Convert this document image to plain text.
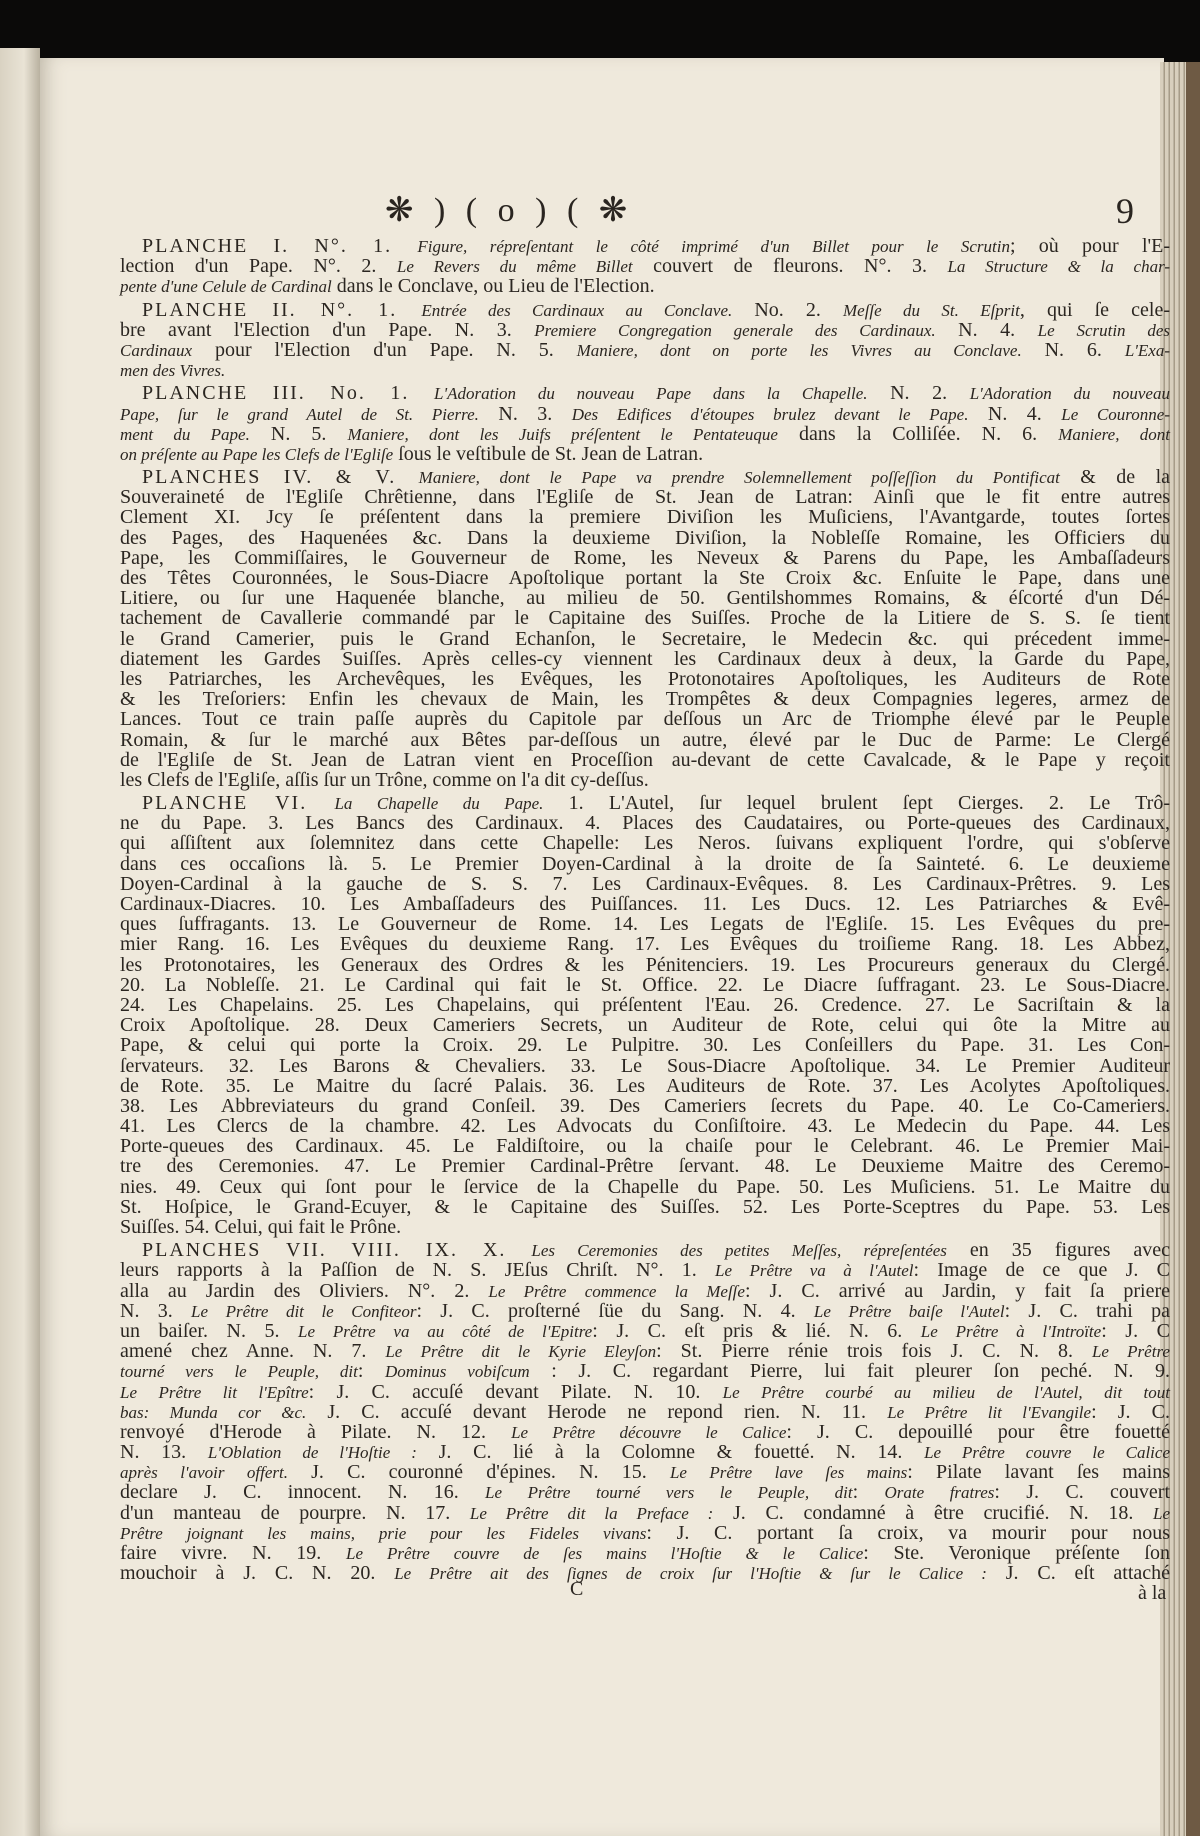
❋ ) ( o ) ( ❋	9
PLANCHE I. N°. 1. Figure, répreſentant le côté imprimé d'un Billet pour le Scrutin; où pour l'E-
lection d'un Pape. N°. 2. Le Revers du même Billet couvert de fleurons. N°. 3. La Structure & la char-
pente d'une Celule de Cardinal dans le Conclave, ou Lieu de l'Election.
PLANCHE II. N°. 1. Entrée des Cardinaux au Conclave. No. 2. Meſſe du St. Eſprit, qui ſe cele-
bre avant l'Election d'un Pape. N. 3. Premiere Congregation generale des Cardinaux. N. 4. Le Scrutin des
Cardinaux pour l'Election d'un Pape. N. 5. Maniere, dont on porte les Vivres au Conclave. N. 6. L'Exa-
men des Vivres.
PLANCHE III. No. 1. L'Adoration du nouveau Pape dans la Chapelle. N. 2. L'Adoration du nouveau
Pape, ſur le grand Autel de St. Pierre. N. 3. Des Edifices d'étoupes brulez devant le Pape. N. 4. Le Couronne-
ment du Pape. N. 5. Maniere, dont les Juifs préſentent le Pentateuque dans la Colliſée. N. 6. Maniere, dont
on préſente au Pape les Clefs de l'Egliſe ſous le veſtibule de St. Jean de Latran.
PLANCHES IV. & V. Maniere, dont le Pape va prendre Solemnellement poſſeſſion du Pontificat & de la
Souveraineté de l'Egliſe Chrêtienne, dans l'Egliſe de St. Jean de Latran: Ainſi que le fit entre autres
Clement XI. Jcy ſe préſentent dans la premiere Diviſion les Muſiciens, l'Avantgarde, toutes ſortes
des Pages, des Haquenées &c. Dans la deuxieme Diviſion, la Nobleſſe Romaine, les Officiers du
Pape, les Commiſſaires, le Gouverneur de Rome, les Neveux & Parens du Pape, les Ambaſſadeurs
des Têtes Couronnées, le Sous-Diacre Apoſtolique portant la Ste Croix &c. Enſuite le Pape, dans une
Litiere, ou ſur une Haquenée blanche, au milieu de 50. Gentilshommes Romains, & éſcorté d'un Dé-
tachement de Cavallerie commandé par le Capitaine des Suiſſes. Proche de la Litiere de S. S. ſe tient
le Grand Camerier, puis le Grand Echanſon, le Secretaire, le Medecin &c. qui précedent imme-
diatement les Gardes Suiſſes. Après celles-cy viennent les Cardinaux deux à deux, la Garde du Pape,
les Patriarches, les Archevêques, les Evêques, les Protonotaires Apoſtoliques, les Auditeurs de Rote
& les Treſoriers: Enfin les chevaux de Main, les Trompêtes & deux Compagnies legeres, armez de
Lances. Tout ce train paſſe auprès du Capitole par deſſous un Arc de Triomphe élevé par le Peuple
Romain, & ſur le marché aux Bêtes par-deſſous un autre, élevé par le Duc de Parme: Le Clergé
de l'Egliſe de St. Jean de Latran vient en Proceſſion au-devant de cette Cavalcade, & le Pape y reçoit
les Clefs de l'Egliſe, aſſis ſur un Trône, comme on l'a dit cy-deſſus.
PLANCHE VI. La Chapelle du Pape. 1. L'Autel, ſur lequel brulent ſept Cierges. 2. Le Trô-
ne du Pape. 3. Les Bancs des Cardinaux. 4. Places des Caudataires, ou Porte-queues des Cardinaux,
qui aſſiſtent aux ſolemnitez dans cette Chapelle: Les Neros. ſuivans expliquent l'ordre, qui s'obſerve
dans ces occaſions là. 5. Le Premier Doyen-Cardinal à la droite de ſa Sainteté. 6. Le deuxieme
Doyen-Cardinal à la gauche de S. S. 7. Les Cardinaux-Evêques. 8. Les Cardinaux-Prêtres. 9. Les
Cardinaux-Diacres. 10. Les Ambaſſadeurs des Puiſſances. 11. Les Ducs. 12. Les Patriarches & Evê-
ques ſuffragants. 13. Le Gouverneur de Rome. 14. Les Legats de l'Egliſe. 15. Les Evêques du pre-
mier Rang. 16. Les Evêques du deuxieme Rang. 17. Les Evêques du troiſieme Rang. 18. Les Abbez,
les Protonotaires, les Generaux des Ordres & les Pénitenciers. 19. Les Procureurs generaux du Clergé.
20. La Nobleſſe. 21. Le Cardinal qui fait le St. Office. 22. Le Diacre ſuffragant. 23. Le Sous-Diacre.
24. Les Chapelains. 25. Les Chapelains, qui préſentent l'Eau. 26. Credence. 27. Le Sacriſtain & la
Croix Apoſtolique. 28. Deux Cameriers Secrets, un Auditeur de Rote, celui qui ôte la Mitre au
Pape, & celui qui porte la Croix. 29. Le Pulpitre. 30. Les Conſeillers du Pape. 31. Les Con-
ſervateurs. 32. Les Barons & Chevaliers. 33. Le Sous-Diacre Apoſtolique. 34. Le Premier Auditeur
de Rote. 35. Le Maitre du ſacré Palais. 36. Les Auditeurs de Rote. 37. Les Acolytes Apoſtoliques.
38. Les Abbreviateurs du grand Conſeil. 39. Des Cameriers ſecrets du Pape. 40. Le Co-Cameriers.
41. Les Clercs de la chambre. 42. Les Advocats du Conſiſtoire. 43. Le Medecin du Pape. 44. Les
Porte-queues des Cardinaux. 45. Le Faldiſtoire, ou la chaiſe pour le Celebrant. 46. Le Premier Mai-
tre des Ceremonies. 47. Le Premier Cardinal-Prêtre ſervant. 48. Le Deuxieme Maitre des Ceremo-
nies. 49. Ceux qui ſont pour le ſervice de la Chapelle du Pape. 50. Les Muſiciens. 51. Le Maitre du
St. Hoſpice, le Grand-Ecuyer, & le Capitaine des Suiſſes. 52. Les Porte-Sceptres du Pape. 53. Les
Suiſſes. 54. Celui, qui fait le Prône.
PLANCHES VII. VIII. IX. X. Les Ceremonies des petites Meſſes, répreſentées en 35 figures avec
leurs rapports à la Paſſion de N. S. JEſus Chriſt. N°. 1. Le Prêtre va à l'Autel: Image de ce que J. C
alla au Jardin des Oliviers. N°. 2. Le Prêtre commence la Meſſe: J. C. arrivé au Jardin, y fait ſa priere
N. 3. Le Prêtre dit le Confiteor: J. C. proſterné ſüe du Sang. N. 4. Le Prêtre baiſe l'Autel: J. C. trahi pa
un baiſer. N. 5. Le Prêtre va au côté de l'Epitre: J. C. eſt pris & lié. N. 6. Le Prêtre à l'Introïte: J. C
amené chez Anne. N. 7. Le Prêtre dit le Kyrie Eleyſon: St. Pierre rénie trois fois J. C. N. 8. Le Prêtre
tourné vers le Peuple, dit: Dominus vobiſcum : J. C. regardant Pierre, lui fait pleurer ſon peché. N. 9.
Le Prêtre lit l'Epître: J. C. accuſé devant Pilate. N. 10. Le Prêtre courbé au milieu de l'Autel, dit tout
bas: Munda cor &c. J. C. accuſé devant Herode ne repond rien. N. 11. Le Prêtre lit l'Evangile: J. C.
renvoyé d'Herode à Pilate. N. 12. Le Prêtre découvre le Calice: J. C. depouillé pour être fouetté
N. 13. L'Oblation de l'Hoſtie : J. C. lié à la Colomne & fouetté. N. 14. Le Prêtre couvre le Calice
après l'avoir offert. J. C. couronné d'épines. N. 15. Le Prêtre lave ſes mains: Pilate lavant ſes mains
declare J. C. innocent. N. 16. Le Prêtre tourné vers le Peuple, dit: Orate fratres: J. C. couvert
d'un manteau de pourpre. N. 17. Le Prêtre dit la Preface : J. C. condamné à être crucifié. N. 18. Le
Prêtre joignant les mains, prie pour les Fideles vivans: J. C. portant ſa croix, va mourir pour nous
faire vivre. N. 19. Le Prêtre couvre de ſes mains l'Hoſtie & le Calice: Ste. Veronique préſente ſon
mouchoir à J. C. N. 20. Le Prêtre ait des ſignes de croix ſur l'Hoſtie & ſur le Calice : J. C. eſt attaché
C	à la
